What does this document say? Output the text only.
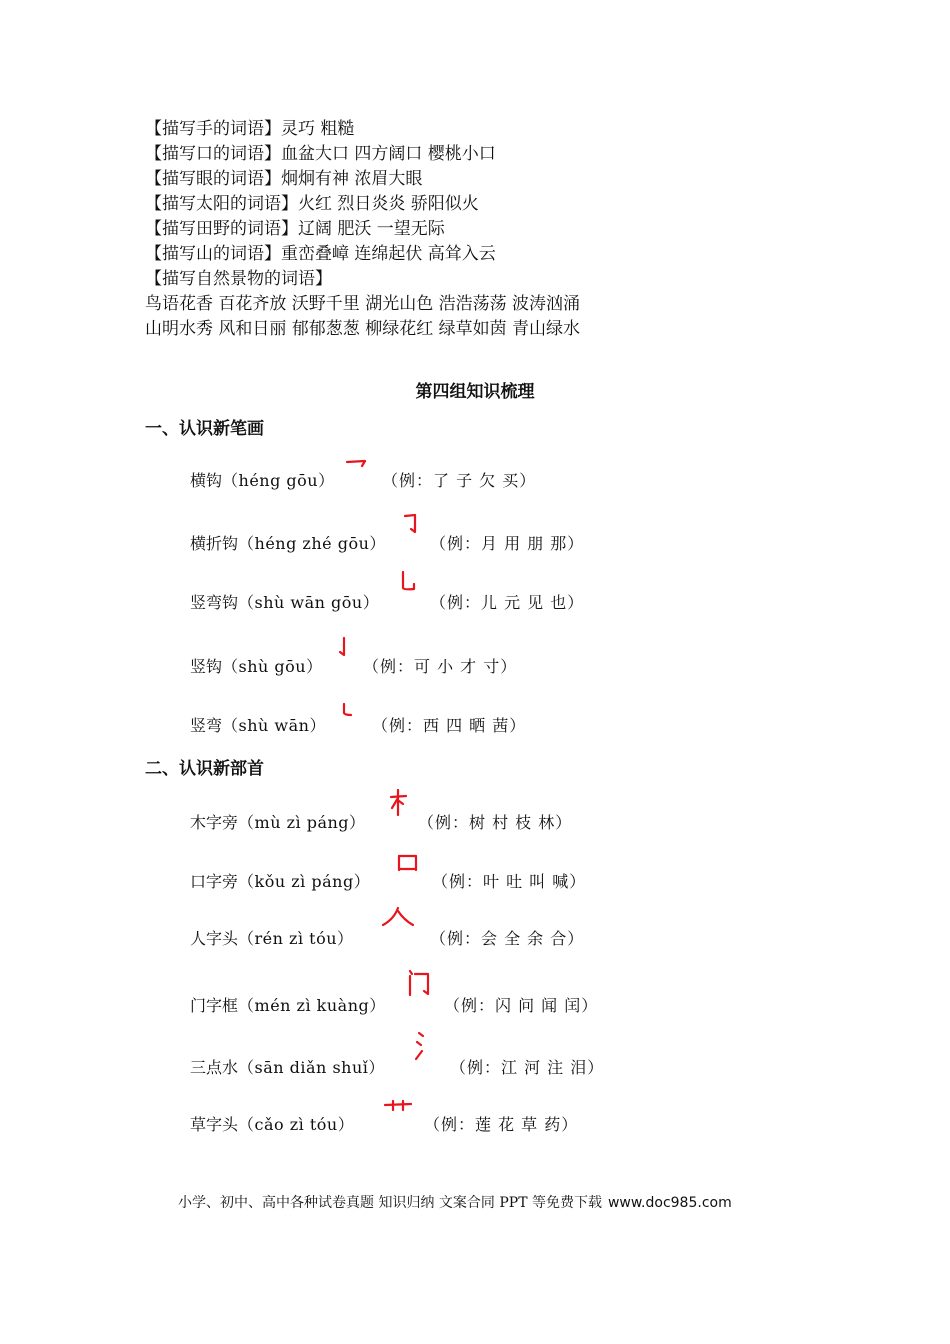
【描写手的词语】灵巧 粗糙
【描写口的词语】血盆大口 四方阔口 樱桃小口
【描写眼的词语】炯炯有神 浓眉大眼
【描写太阳的词语】火红 烈日炎炎 骄阳似火
【描写田野的词语】辽阔 肥沃 一望无际
【描写山的词语】重峦叠嶂 连绵起伏 高耸入云
【描写自然景物的词语】
鸟语花香 百花齐放 沃野千里 湖光山色 浩浩荡荡 波涛汹涌
山明水秀 风和日丽 郁郁葱葱 柳绿花红 绿草如茵 青山绿水
第四组知识梳理
一、认识新笔画
横钩（héng gōu）	（例：了 子 欠 买）
横折钩（héng zhé gōu）	（例：月 用 朋 那）
竖弯钩（shù wān gōu）	（例：儿 元 见 也）
竖钩（shù gōu）	（例：可 小 才 寸）
竖弯（shù wān）	（例：西 四 晒 茜）
二、认识新部首
木字旁（mù zì páng）	（例：树 村 枝 林）
口字旁（kǒu zì páng）	（例：叶 吐 叫 喊）
人字头（rén zì tóu）	（例：会 全 余 合）
门字框（mén zì kuàng）	（例：闪 问 闻 闰）
三点水（sān diǎn shuǐ）	（例：江 河 注 泪）
草字头（cǎo zì tóu）	（例：莲 花 草 药）
小学、初中、高中各种试卷真题 知识归纳 文案合同 PPT 等免费下载 www.doc985.com
